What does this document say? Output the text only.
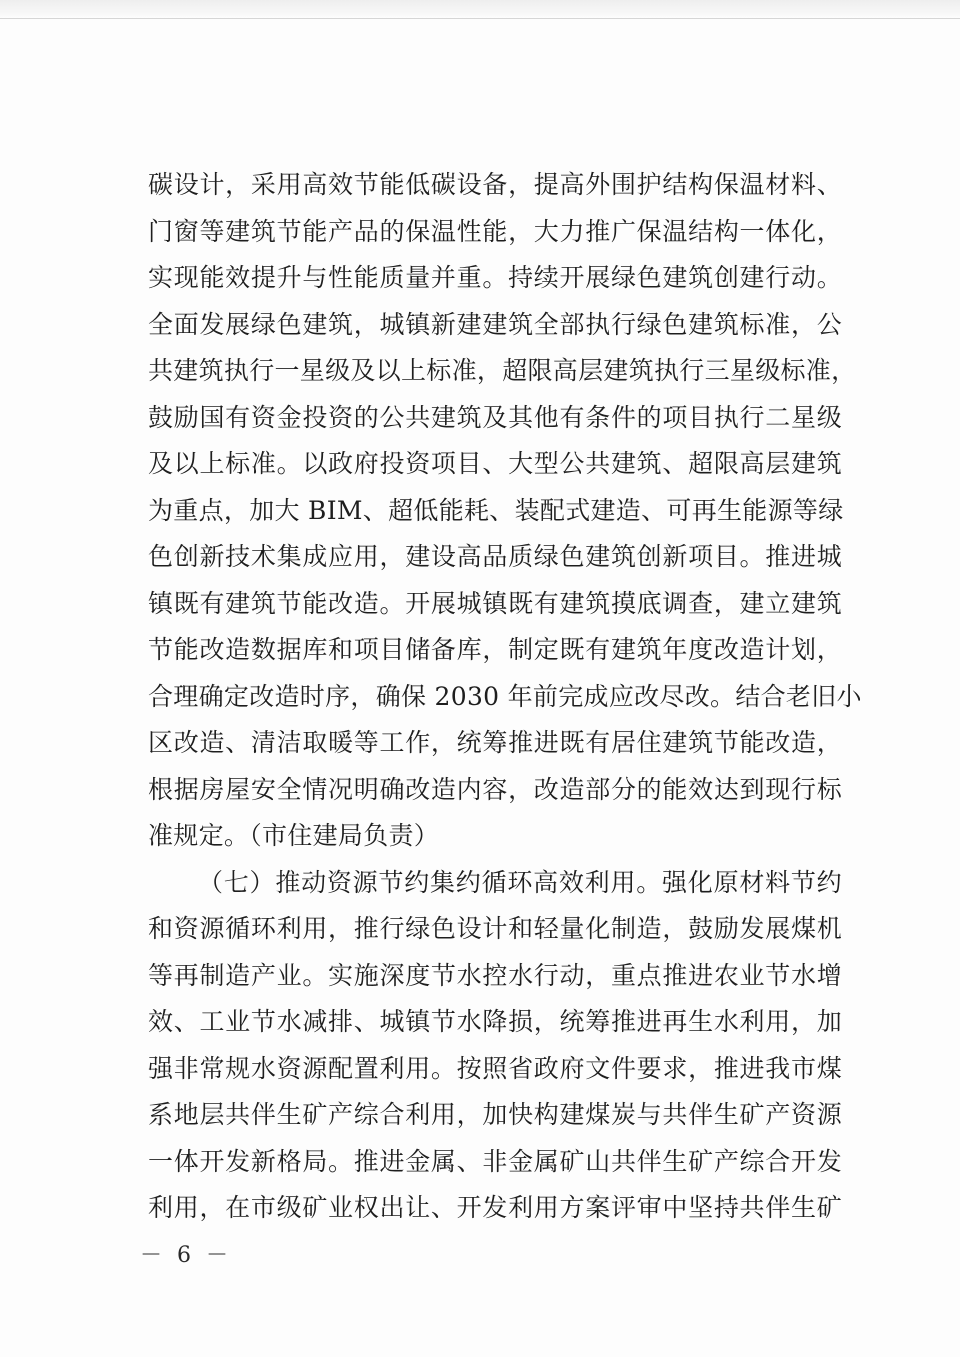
碳设计，采用高效节能低碳设备，提高外围护结构保温材料、
门窗等建筑节能产品的保温性能，大力推广保温结构一体化，
实现能效提升与性能质量并重。持续开展绿色建筑创建行动。
全面发展绿色建筑，城镇新建建筑全部执行绿色建筑标准，公
共建筑执行一星级及以上标准，超限高层建筑执行三星级标准，
鼓励国有资金投资的公共建筑及其他有条件的项目执行二星级
及以上标准。以政府投资项目、大型公共建筑、超限高层建筑
为重点，加大 BIM、超低能耗、装配式建造、可再生能源等绿
色创新技术集成应用，建设高品质绿色建筑创新项目。推进城
镇既有建筑节能改造。开展城镇既有建筑摸底调查，建立建筑
节能改造数据库和项目储备库，制定既有建筑年度改造计划，
合理确定改造时序，确保 2030 年前完成应改尽改。结合老旧小
区改造、清洁取暖等工作，统筹推进既有居住建筑节能改造，
根据房屋安全情况明确改造内容，改造部分的能效达到现行标
准规定。（市住建局负责）
（七）推动资源节约集约循环高效利用。强化原材料节约
和资源循环利用，推行绿色设计和轻量化制造，鼓励发展煤机
等再制造产业。实施深度节水控水行动，重点推进农业节水增
效、工业节水减排、城镇节水降损，统筹推进再生水利用，加
强非常规水资源配置利用。按照省政府文件要求，推进我市煤
系地层共伴生矿产综合利用，加快构建煤炭与共伴生矿产资源
一体开发新格局。推进金属、非金属矿山共伴生矿产综合开发
利用，在市级矿业权出让、开发利用方案评审中坚持共伴生矿
－ 6 －
